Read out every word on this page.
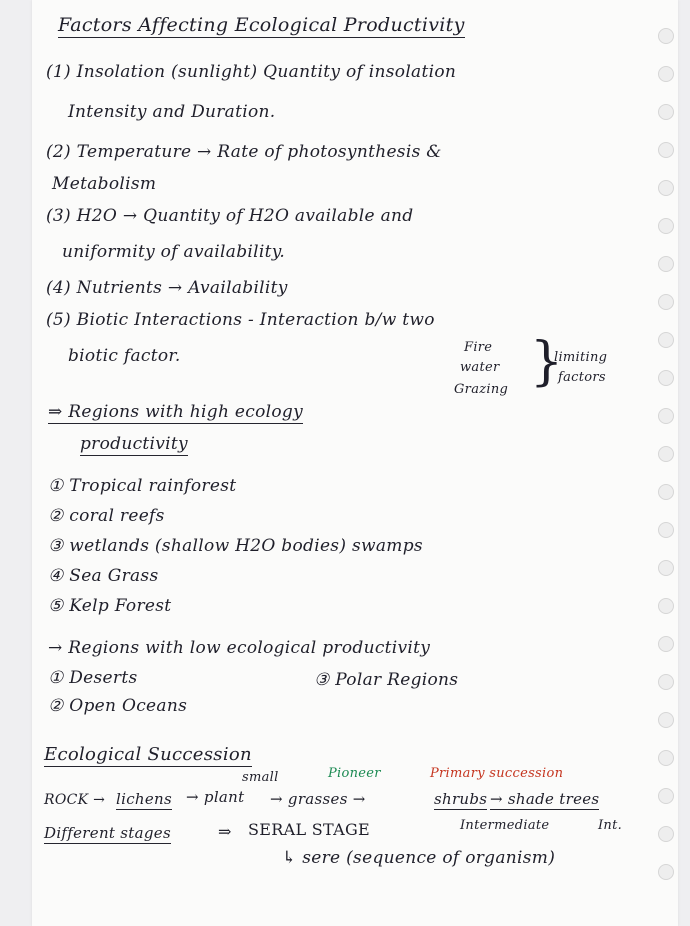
Factors Affecting Ecological Productivity
(1) Insolation (sunlight) Quantity of insolation
Intensity and Duration.
(2) Temperature → Rate of photosynthesis &
Metabolism
(3) H2O → Quantity of H2O available and
uniformity of availability.
(4) Nutrients → Availability
(5) Biotic Interactions - Interaction b/w two
biotic factor.	Fire
water
Grazing }
limiting
factors
⇒ Regions with high ecology
productivity
① Tropical rainforest
② coral reefs
③ wetlands (shallow H2O bodies) swamps
④ Sea Grass
⑤ Kelp Forest
→ Regions with low ecological productivity
① Deserts	③ Polar Regions
② Open Oceans
Ecological Succession
small	Pioneer	Primary succession
ROCK → lichens → plant → grasses →	shrubs → shade trees
Different stages	⇒ SERAL STAGE	Intermediate	Int.
↳ sere (sequence of organism)
